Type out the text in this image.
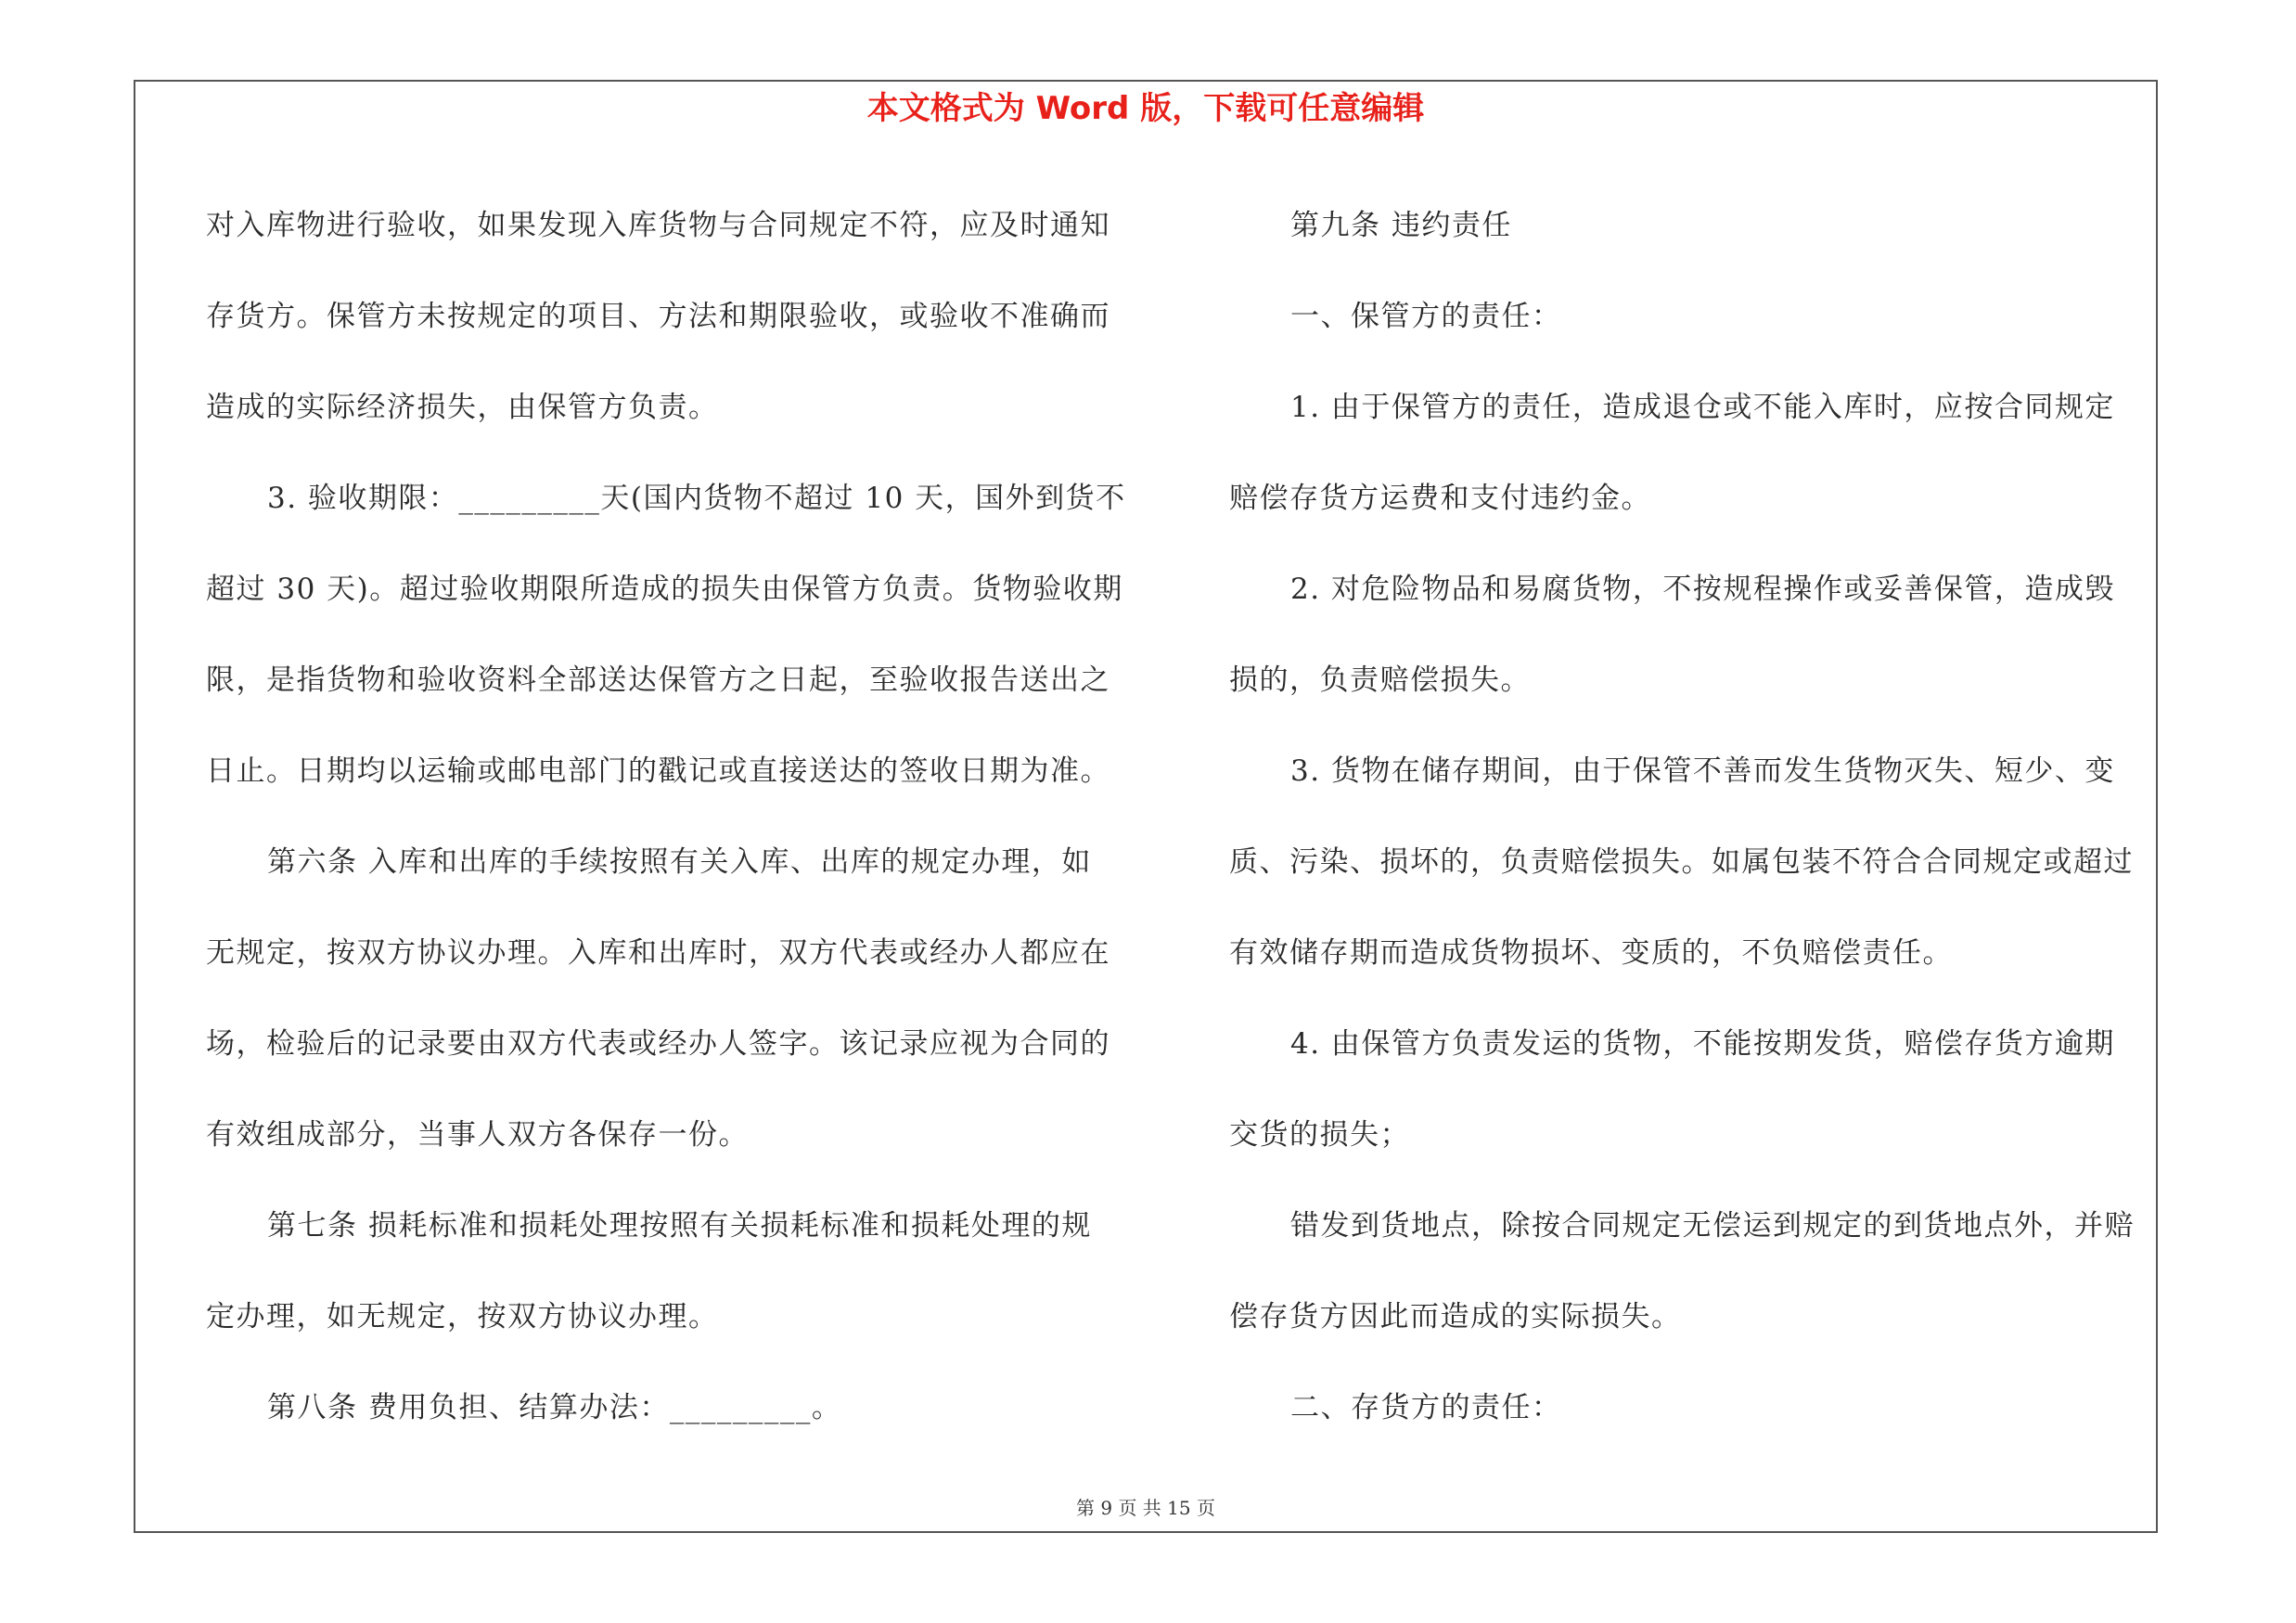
本文格式为 Word 版，下载可任意编辑

对入库物进行验收，如果发现入库货物与合同规定不符，应及时通知

存货方。保管方未按规定的项目、方法和期限验收，或验收不准确而

造成的实际经济损失，由保管方负责。

3. 验收期限：_________天(国内货物不超过 10 天，国外到货不

超过 30 天)。超过验收期限所造成的损失由保管方负责。货物验收期

限，是指货物和验收资料全部送达保管方之日起，至验收报告送出之

日止。日期均以运输或邮电部门的戳记或直接送达的签收日期为准。

第六条 入库和出库的手续按照有关入库、出库的规定办理，如

无规定，按双方协议办理。入库和出库时，双方代表或经办人都应在

场，检验后的记录要由双方代表或经办人签字。该记录应视为合同的

有效组成部分，当事人双方各保存一份。

第七条 损耗标准和损耗处理按照有关损耗标准和损耗处理的规

定办理，如无规定，按双方协议办理。

第八条 费用负担、结算办法：_________。

第九条 违约责任

一、保管方的责任：

1. 由于保管方的责任，造成退仓或不能入库时，应按合同规定

赔偿存货方运费和支付违约金。

2. 对危险物品和易腐货物，不按规程操作或妥善保管，造成毁

损的，负责赔偿损失。

3. 货物在储存期间，由于保管不善而发生货物灭失、短少、变

质、污染、损坏的，负责赔偿损失。如属包装不符合合同规定或超过

有效储存期而造成货物损坏、变质的，不负赔偿责任。

4. 由保管方负责发运的货物，不能按期发货，赔偿存货方逾期

交货的损失；

错发到货地点，除按合同规定无偿运到规定的到货地点外，并赔

偿存货方因此而造成的实际损失。

二、存货方的责任：

第 9 页 共 15 页
